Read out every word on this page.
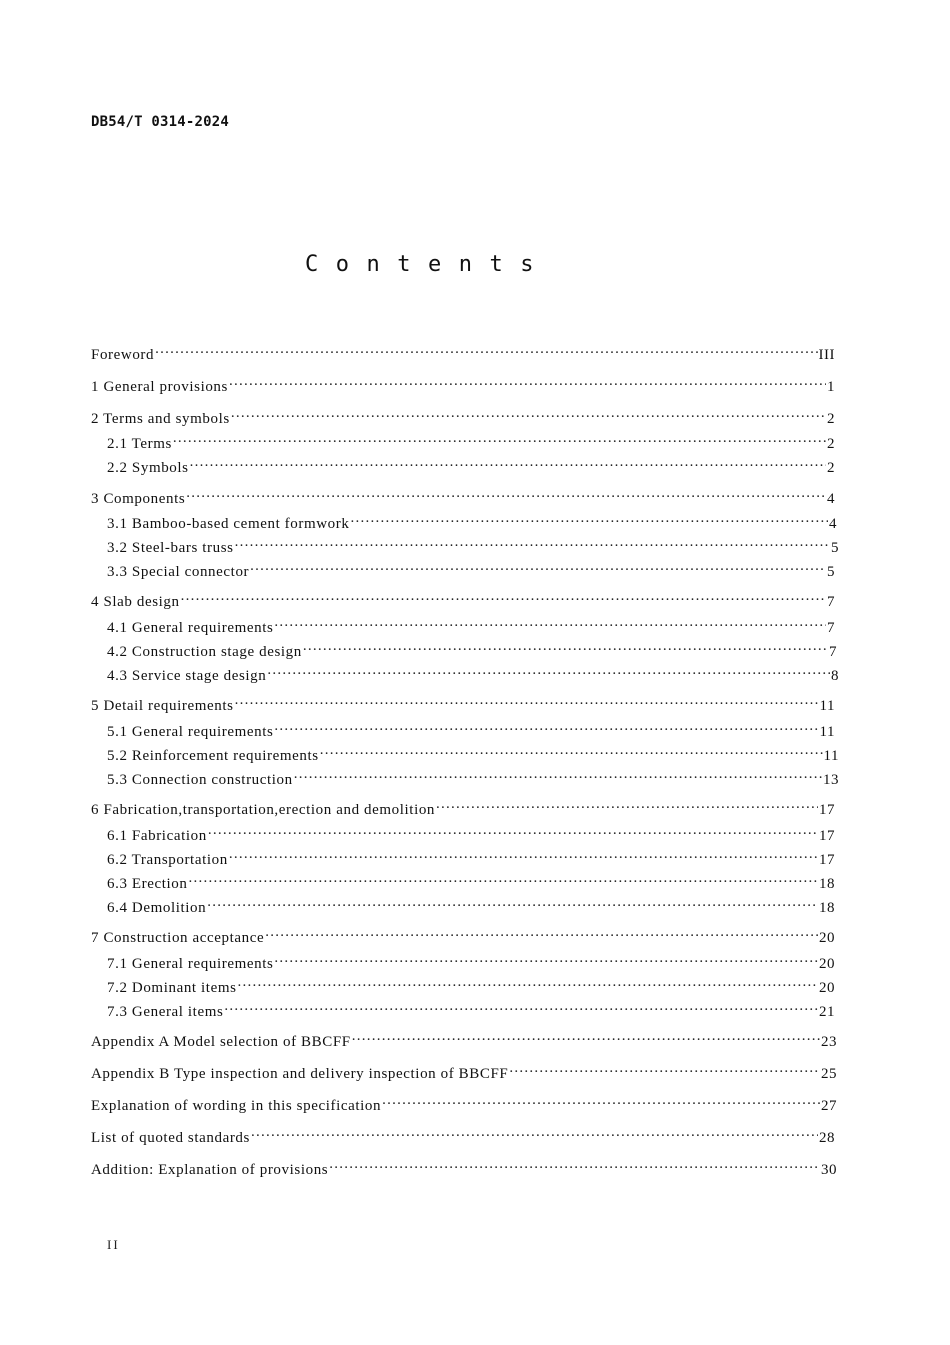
DB54/T 0314-2024
Contents
Foreword .....	III
1 General provisions .....	1
2 Terms and symbols .....	2
2.1 Terms .....	2
2.2 Symbols .....	2
3 Components .....	4
3.1 Bamboo-based cement formwork .....	4
3.2 Steel-bars truss .....	5
3.3 Special connector .....	5
4 Slab design .....	7
4.1 General requirements .....	7
4.2 Construction stage design .....	7
4.3 Service stage design .....	8
5 Detail requirements .....	11
5.1 General requirements .....	11
5.2 Reinforcement requirements .....	11
5.3 Connection construction .....	13
6 Fabrication,transportation,erection and demolition .....	17
6.1 Fabrication .....	17
6.2 Transportation .....	17
6.3 Erection .....	18
6.4 Demolition .....	18
7 Construction acceptance .....	20
7.1 General requirements .....	20
7.2 Dominant items .....	20
7.3 General items .....	21
Appendix A Model selection of BBCFF .....	23
Appendix B Type inspection and delivery inspection of BBCFF .....	25
Explanation of wording in this specification .....	27
List of quoted standards .....	28
Addition: Explanation of provisions .....	30
II
